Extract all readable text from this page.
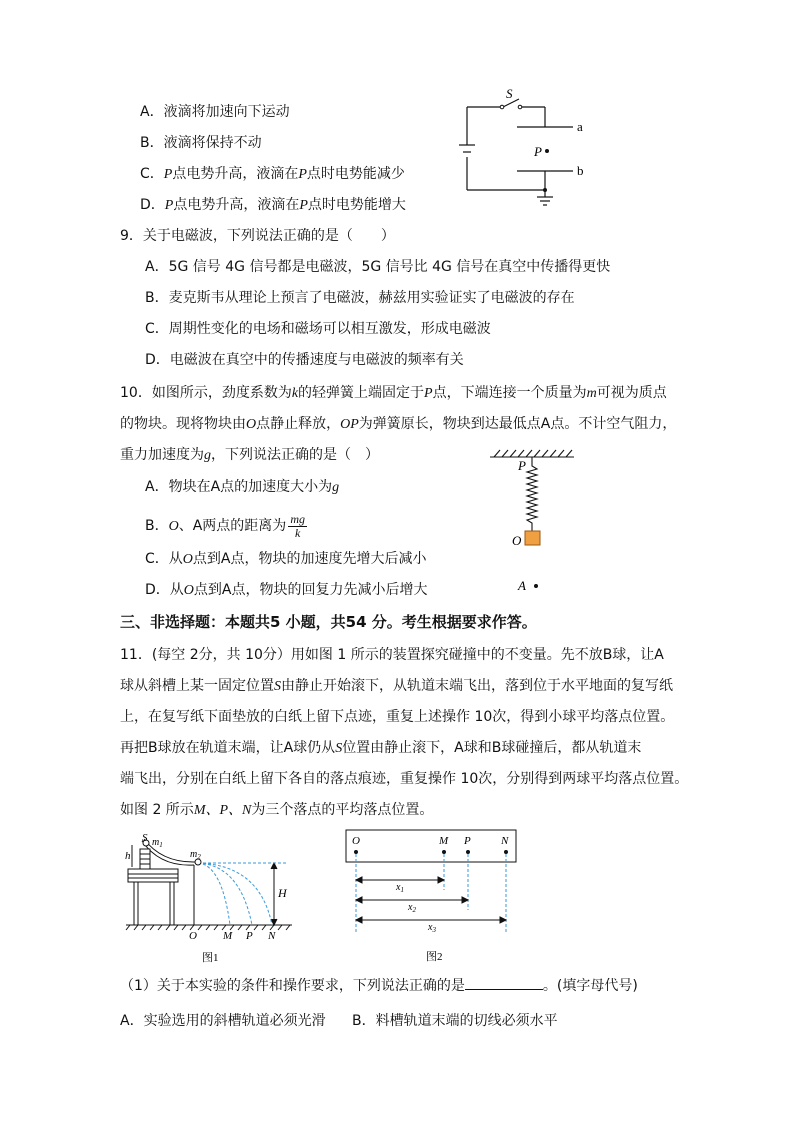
A．液滴将加速向下运动
B．液滴将保持不动
C．P点电势升高，液滴在P点时电势能减少
D．P点电势升高，液滴在P点时电势能增大
S
a
b
P
9．关于电磁波，下列说法正确的是（　　）
A．5G 信号 4G 信号都是电磁波，5G 信号比 4G 信号在真空中传播得更快
B．麦克斯韦从理论上预言了电磁波，赫兹用实验证实了电磁波的存在
C．周期性变化的电场和磁场可以相互激发，形成电磁波
D．电磁波在真空中的传播速度与电磁波的频率有关
10．如图所示，劲度系数为k的轻弹簧上端固定于P点，下端连接一个质量为m可视为质点
的物块。现将物块由O点静止释放，OP为弹簧原长，物块到达最低点A点。不计空气阻力，
重力加速度为g，下列说法正确的是（　）
A．物块在A点的加速度大小为g
B．O、A两点的距离为 $\frac{mg}{k}$
C．从O点到A点，物块的加速度先增大后减小
D．从O点到A点，物块的回复力先减小后增大
P
O
A
三、非选择题：本题共5 小题，共54 分。考生根据要求作答。
11．(每空 2分，共 10分）用如图 1 所示的装置探究碰撞中的不变量。先不放B球，让A
球从斜槽上某一固定位置S由静止开始滚下，从轨道末端飞出，落到位于水平地面的复写纸
上，在复写纸下面垫放的白纸上留下点迹，重复上述操作 10次，得到小球平均落点位置。
再把B球放在轨道末端，让A球仍从S位置由静止滚下，A球和B球碰撞后，都从轨道末
端飞出，分别在白纸上留下各自的落点痕迹，重复操作 10次，分别得到两球平均落点位置。
如图 2 所示M、P、N为三个落点的平均落点位置。
S $m_1$
$m_2$
h
H
O M P N
图1
O	M P	N
$x_1$
$x_2$
$x_3$
图2
（1）关于本实验的条件和操作要求，下列说法正确的是	。(填字母代号)
A．实验选用的斜槽轨道必须光滑 B．料槽轨道末端的切线必须水平
